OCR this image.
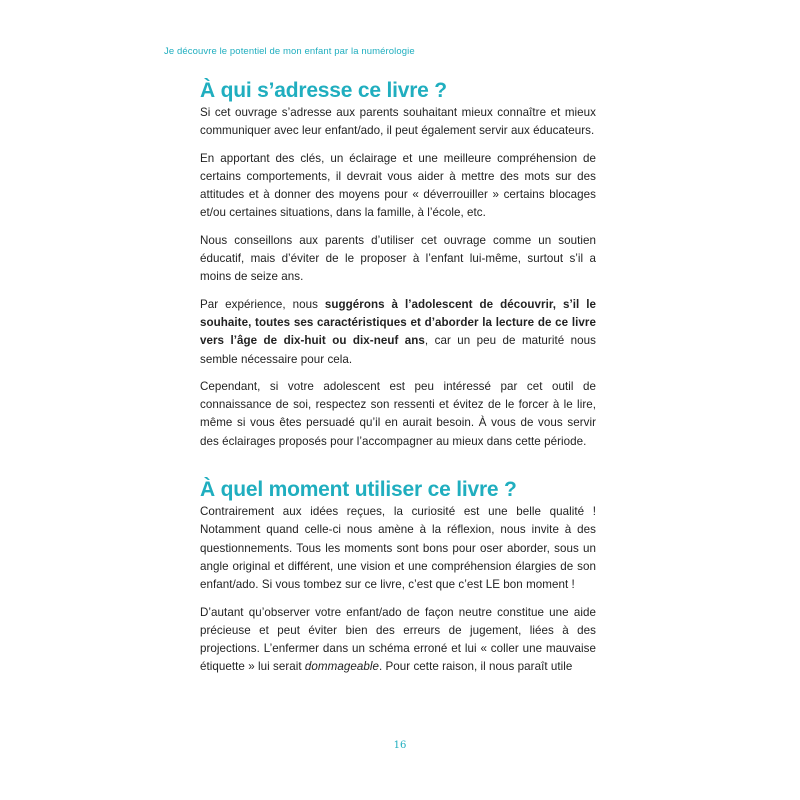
Je découvre le potentiel de mon enfant par la numérologie
À qui s’adresse ce livre ?

Si cet ouvrage s’adresse aux parents souhaitant mieux connaître et mieux communiquer avec leur enfant/ado, il peut également servir aux éducateurs.

En apportant des clés, un éclairage et une meilleure compréhension de certains comportements, il devrait vous aider à mettre des mots sur des attitudes et à donner des moyens pour « déverrouiller » certains blocages et/ou certaines situations, dans la famille, à l’école, etc.

Nous conseillons aux parents d’utiliser cet ouvrage comme un soutien éducatif, mais d’éviter de le proposer à l’enfant lui-même, surtout s’il a moins de seize ans.

Par expérience, nous suggérons à l’adolescent de découvrir, s’il le souhaite, toutes ses caractéristiques et d’aborder la lecture de ce livre vers l’âge de dix-huit ou dix-neuf ans, car un peu de maturité nous semble nécessaire pour cela.

Cependant, si votre adolescent est peu intéressé par cet outil de connaissance de soi, respectez son ressenti et évitez de le forcer à le lire, même si vous êtes persuadé qu’il en aurait besoin. À vous de vous servir des éclairages proposés pour l’accompagner au mieux dans cette période.

À quel moment utiliser ce livre ?

Contrairement aux idées reçues, la curiosité est une belle qualité ! Notamment quand celle-ci nous amène à la réflexion, nous invite à des questionnements. Tous les moments sont bons pour oser aborder, sous un angle original et différent, une vision et une compréhension élargies de son enfant/ado. Si vous tombez sur ce livre, c’est que c’est LE bon moment !

D’autant qu’observer votre enfant/ado de façon neutre constitue une aide précieuse et peut éviter bien des erreurs de jugement, liées à des projections. L’enfermer dans un schéma erroné et lui « coller une mauvaise étiquette » lui serait dommageable. Pour cette raison, il nous paraît utile

16
